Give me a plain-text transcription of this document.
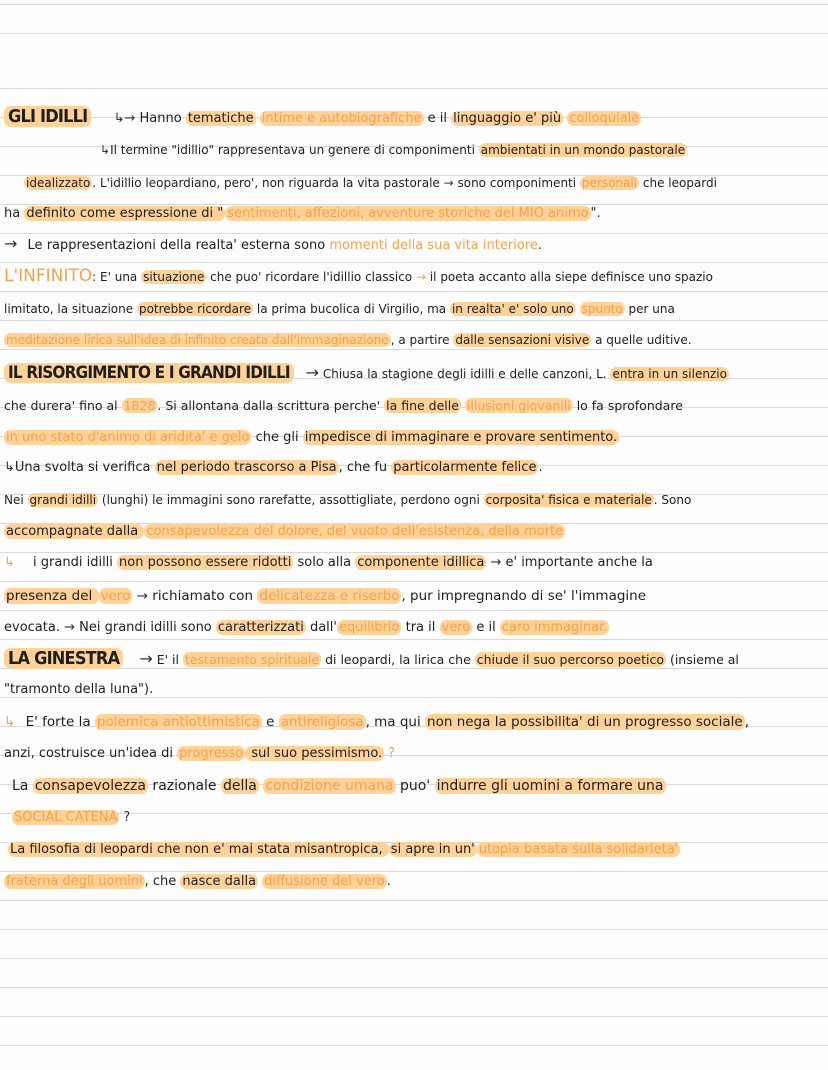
GLI IDILLI ↳→ Hanno tematiche intime e autobiografiche e il linguaggio e' più colloquiale
↳Il termine "idillio" rappresentava un genere di componimenti ambientati in un mondo pastorale
idealizzato . L'idillio leopardiano, pero', non riguarda la vita pastorale → sono componimenti personali che leopardi
ha definito come espressione di " sentimenti, affezioni, avventure storiche del MIO animo ".
→ Le rappresentazioni della realta' esterna sono momenti della sua vita interiore.
L'INFINITO: E' una situazione che puo' ricordare l'idillio classico → il poeta accanto alla siepe definisce uno spazio
limitato, la situazione potrebbe ricordare la prima bucolica di Virgilio, ma in realta' e' solo uno spunto per una
meditazione lirica sull'idea di infinito creata dall'immaginazione , a partire dalle sensazioni visive a quelle uditive.
IL RISORGIMENTO E I GRANDI IDILLI → Chiusa la stagione degli idilli e delle canzoni, L. entra in un silenzio
che durera' fino al 1828 . Si allontana dalla scrittura perche' la fine delle illusioni giovanili lo fa sprofondare
in uno stato d'animo di aridita' e gelo che gli impedisce di immaginare e provare sentimento.
↳Una svolta si verifica nel periodo trascorso a Pisa , che fu particolarmente felice .
Nei grandi idilli (lunghi) le immagini sono rarefatte, assottigliate, perdono ogni corposita' fisica e materiale . Sono
accompagnate dalla consapevolezza del dolore, del vuoto dell'esistenza, della morte
↳ i grandi idilli non possono essere ridotti solo alla componente idillica → e' importante anche la
presenza del vero → richiamato con delicatezza e riserbo , pur impregnando di se' l'immagine
evocata. → Nei grandi idilli sono caratterizzati dall' equilibrio tra il vero e il caro immaginar.
LA GINESTRA → E' il testamento spirituale di leopardi, la lirica che chiude il suo percorso poetico (insieme al
"tramonto della luna").
↳ E' forte la polemica antiottimistica e antireligiosa , ma qui non nega la possibilita' di un progresso sociale ,
anzi, costruisce un'idea di progresso sul suo pessimismo. ?
La consapevolezza razionale della condizione umana puo' indurre gli uomini a formare una
SOCIAL CATENA ?
La filosofia di leopardi che non e' mai stata misantropica, si apre in un' utopia basata sulla solidarieta'
fraterna degli uomini , che nasce dalla diffusione del vero .
